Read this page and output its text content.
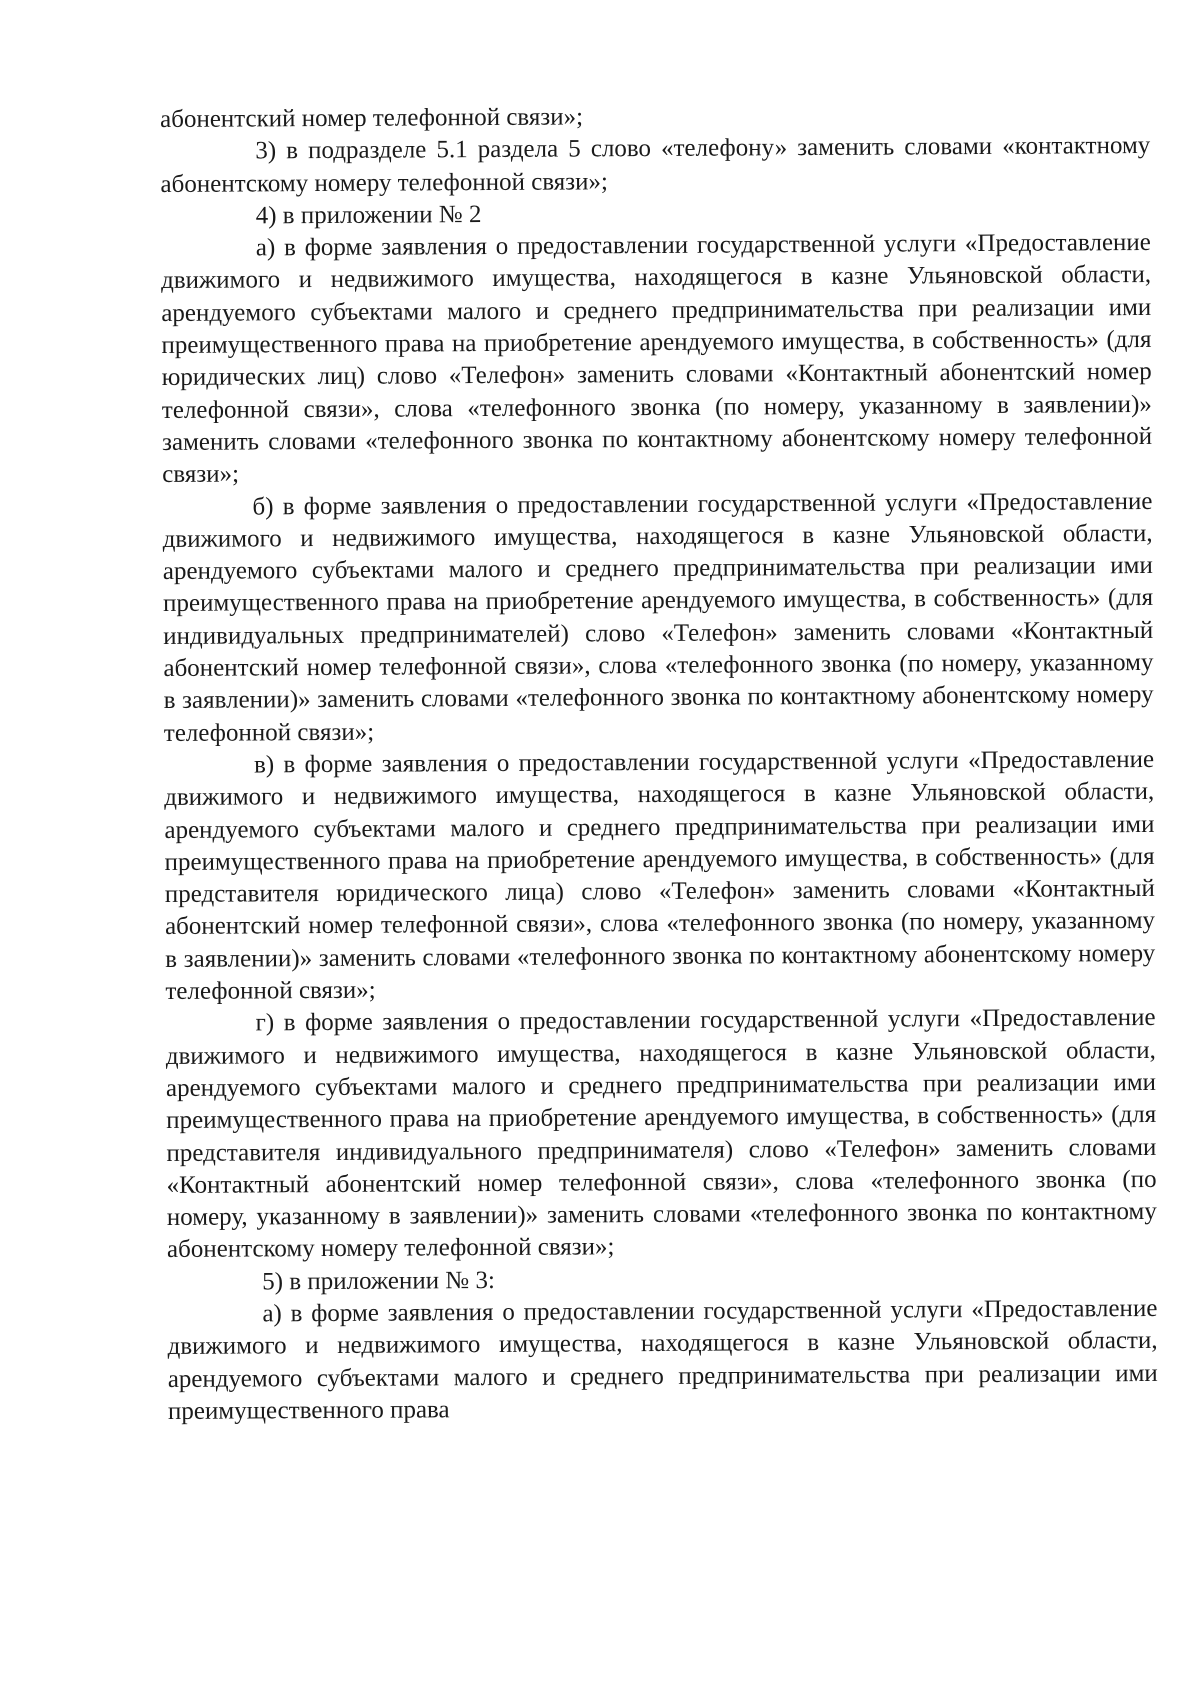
абонентский номер телефонной связи»;

3) в подразделе 5.1 раздела 5 слово «телефону» заменить словами «контактному абонентскому номеру телефонной связи»;

4) в приложении № 2

а) в форме заявления о предоставлении государственной услуги «Предоставление движимого и недвижимого имущества, находящегося в казне Ульяновской области, арендуемого субъектами малого и среднего предпринимательства при реализации ими преимущественного права на приобретение арендуемого имущества, в собственность» (для юридических лиц) слово «Телефон» заменить словами «Контактный абонентский номер телефонной связи», слова «телефонного звонка (по номеру, указанному в заявлении)» заменить словами «телефонного звонка по контактному абонентскому номеру телефонной связи»;

б) в форме заявления о предоставлении государственной услуги «Предоставление движимого и недвижимого имущества, находящегося в казне Ульяновской области, арендуемого субъектами малого и среднего предпринимательства при реализации ими преимущественного права на приобретение арендуемого имущества, в собственность» (для индивидуальных предпринимателей) слово «Телефон» заменить словами «Контактный абонентский номер телефонной связи», слова «телефонного звонка (по номеру, указанному в заявлении)» заменить словами «телефонного звонка по контактному абонентскому номеру телефонной связи»;

в) в форме заявления о предоставлении государственной услуги «Предоставление движимого и недвижимого имущества, находящегося в казне Ульяновской области, арендуемого субъектами малого и среднего предпринимательства при реализации ими преимущественного права на приобретение арендуемого имущества, в собственность» (для представителя юридического лица) слово «Телефон» заменить словами «Контактный абонентский номер телефонной связи», слова «телефонного звонка (по номеру, указанному в заявлении)» заменить словами «телефонного звонка по контактному абонентскому номеру телефонной связи»;

г) в форме заявления о предоставлении государственной услуги «Предоставление движимого и недвижимого имущества, находящегося в казне Ульяновской области, арендуемого субъектами малого и среднего предпринимательства при реализации ими преимущественного права на приобретение арендуемого имущества, в собственность» (для представителя индивидуального предпринимателя) слово «Телефон» заменить словами «Контактный абонентский номер телефонной связи», слова «телефонного звонка (по номеру, указанному в заявлении)» заменить словами «телефонного звонка по контактному абонентскому номеру телефонной связи»;

5) в приложении № 3:

а) в форме заявления о предоставлении государственной услуги «Предоставление движимого и недвижимого имущества, находящегося в казне Ульяновской области, арендуемого субъектами малого и среднего предпринимательства при реализации ими преимущественного права
